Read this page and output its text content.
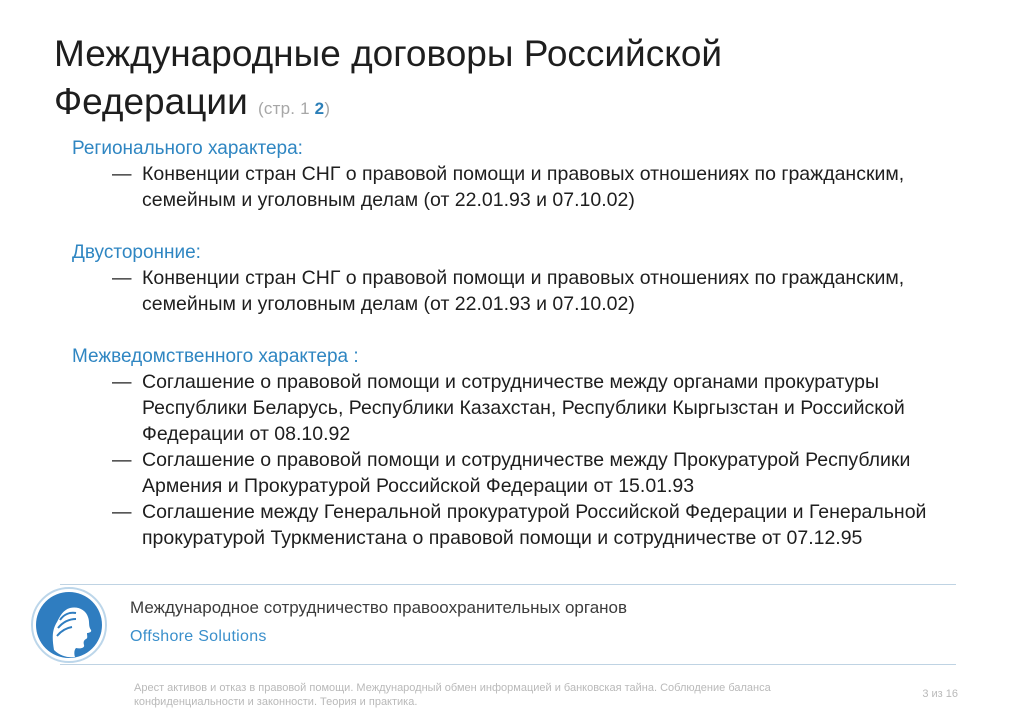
Международные договоры Российской
Федерации (стр. 1 2)
Регионального характера:
— Конвенции стран СНГ о правовой помощи и правовых отношениях по гражданским, семейным и уголовным делам (от 22.01.93 и 07.10.02)
Двусторонние:
— Конвенции стран СНГ о правовой помощи и правовых отношениях по гражданским, семейным и уголовным делам (от 22.01.93 и 07.10.02)
Межведомственного характера :
— Соглашение о правовой помощи и сотрудничестве между органами прокуратуры Республики Беларусь, Республики Казахстан, Республики Кыргызстан и Российской Федерации от 08.10.92
— Соглашение о правовой помощи и сотрудничестве между Прокуратурой Республики Армения и Прокуратурой Российской Федерации от 15.01.93
— Соглашение между Генеральной прокуратурой Российской Федерации и Генеральной прокуратурой Туркменистана о правовой помощи и сотрудничестве от 07.12.95
Международное сотрудничество правоохранительных органов
Offshore Solutions
Арест активов и отказ в правовой помощи. Международный обмен информацией и банковская тайна. Соблюдение баланса конфиденциальности и законности. Теория и практика.
3 из 16
